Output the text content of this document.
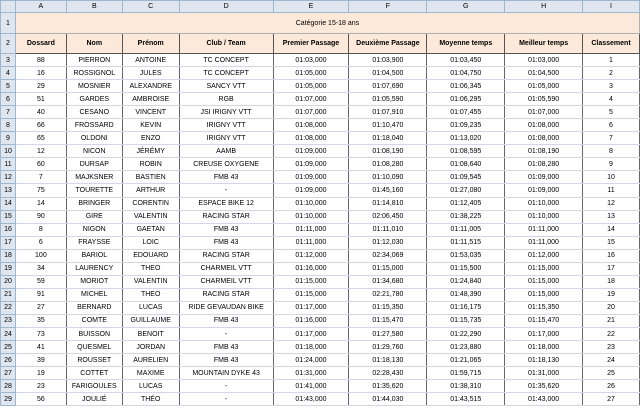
	A	B	C	D	E	F	G	H	I
1	Catégorie 15-18 ans								
2	Dossard	Nom	Prénom	Club / Team	Premier Passage	Deuxième Passage	Moyenne temps	Meilleur temps	Classement
3	88	PIERRON	ANTOINE	TC CONCEPT	01:03,000	01:03,900	01:03,450	01:03,000	1
4	16	ROSSIGNOL	JULES	TC CONCEPT	01:05,000	01:04,500	01:04,750	01:04,500	2
5	29	MOSNIER	ALEXANDRE	SANCY VTT	01:05,000	01:07,690	01:06,345	01:05,000	3
6	51	GARDES	AMBROISE	RGB	01:07,000	01:05,590	01:06,295	01:05,590	4
7	40	CESANO	VINCENT	JSI IRIGNY VTT	01:07,000	01:07,910	01:07,455	01:07,000	5
8	66	FROSSARD	KEVIN	IRIGNY VTT	01:08,000	01:10,470	01:09,235	01:08,000	6
9	65	OLDONI	ENZO	IRIGNY VTT	01:08,000	01:18,040	01:13,020	01:08,000	7
10	12	NICON	JÉRÉMY	AAMB	01:09,000	01:08,190	01:08,595	01:08,190	8
11	60	DURSAP	ROBIN	CREUSE OXYGENE	01:09,000	01:08,280	01:08,640	01:08,280	9
12	7	MAJKSNER	BASTIEN	FMB 43	01:09,000	01:10,090	01:09,545	01:09,000	10
13	75	TOURETTE	ARTHUR	-	01:09,000	01:45,160	01:27,080	01:09,000	11
14	14	BRINGER	CORENTIN	ESPACE BIKE 12	01:10,000	01:14,810	01:12,405	01:10,000	12
15	90	GIRE	VALENTIN	RACING STAR	01:10,000	02:06,450	01:38,225	01:10,000	13
16	8	NIGON	GAETAN	FMB 43	01:11,000	01:11,010	01:11,005	01:11,000	14
17	6	FRAYSSE	LOIC	FMB 43	01:11,000	01:12,030	01:11,515	01:11,000	15
18	100	BARIOL	EDOUARD	RACING STAR	01:12,000	02:34,069	01:53,035	01:12,000	16
19	34	LAURENCY	THEO	CHARMEIL VTT	01:16,000	01:15,000	01:15,500	01:15,000	17
20	59	MORIOT	VALENTIN	CHARMEIL VTT	01:15,000	01:34,680	01:24,840	01:15,000	18
21	91	MICHEL	THEO	RACING STAR	01:15,000	02:21,780	01:48,390	01:15,000	19
22	27	BERNARD	LUCAS	RIDE GEVAUDAN BIKE	01:17,000	01:15,350	01:16,175	01:15,350	20
23	35	COMTE	GUILLAUME	FMB 43	01:16,000	01:15,470	01:15,735	01:15,470	21
24	73	BUISSON	BENOIT	-	01:17,000	01:27,580	01:22,290	01:17,000	22
25	41	QUESMEL	JORDAN	FMB 43	01:18,000	01:29,760	01:23,880	01:18,000	23
26	39	ROUSSET	AURELIEN	FMB 43	01:24,000	01:18,130	01:21,065	01:18,130	24
27	19	COTTET	MAXIME	MOUNTAIN DYKE 43	01:31,000	02:28,430	01:59,715	01:31,000	25
28	23	FARIGOULES	LUCAS	-	01:41,000	01:35,620	01:38,310	01:35,620	26
29	56	JOULIÉ	THÉO	-	01:43,000	01:44,030	01:43,515	01:43,000	27
